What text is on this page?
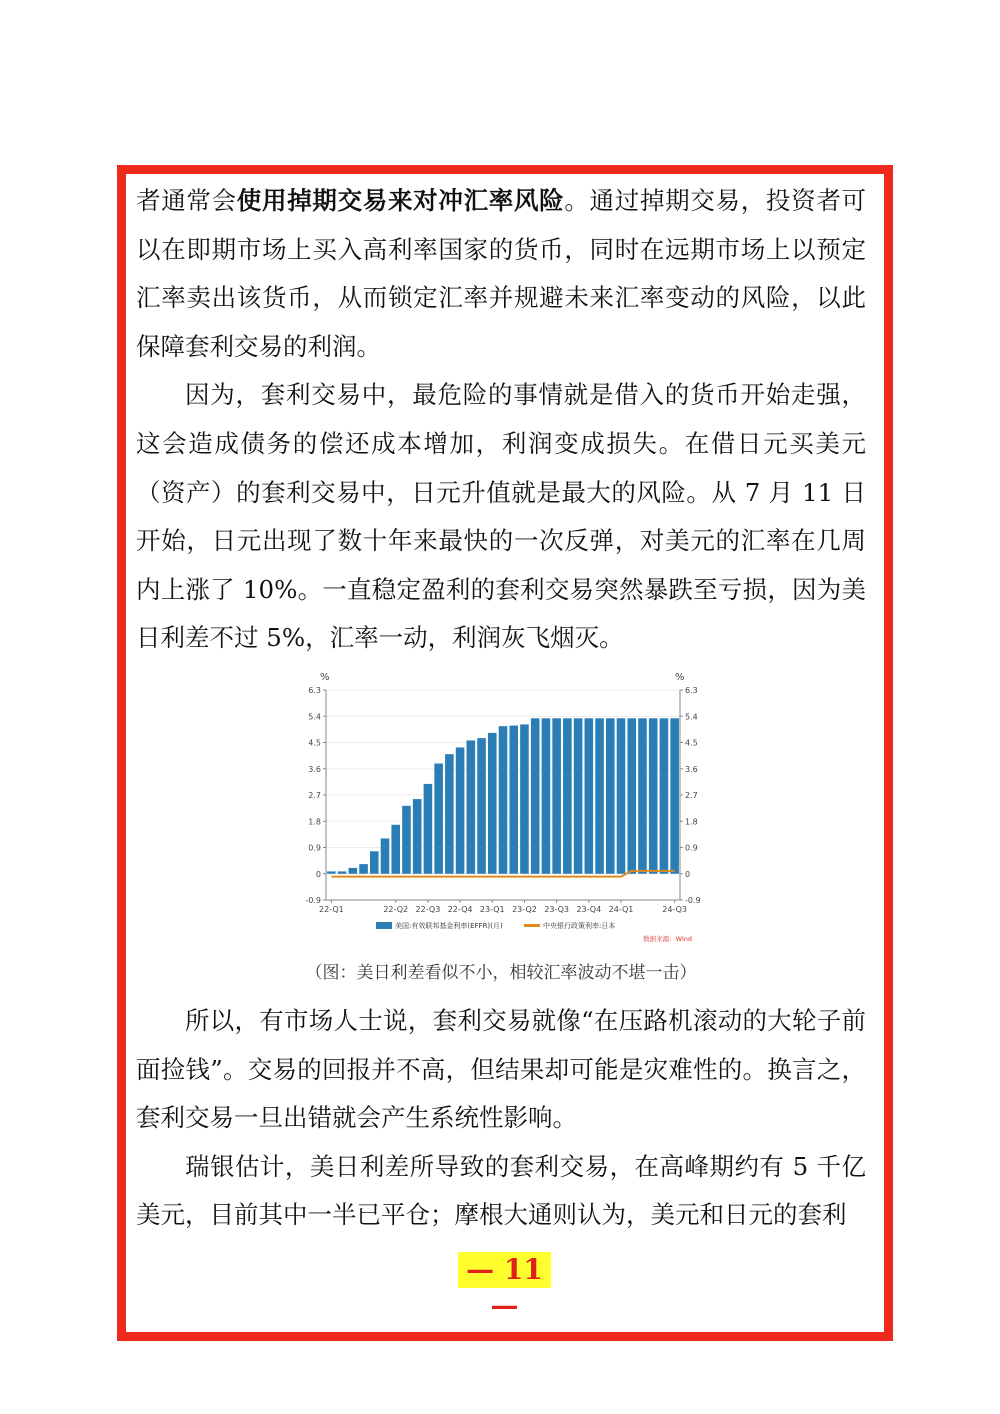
者通常会使用掉期交易来对冲汇率风险。通过掉期交易，投资者可以在即期市场上买入高利率国家的货币，同时在远期市场上以预定汇率卖出该货币，从而锁定汇率并规避未来汇率变动的风险，以此保障套利交易的利润。

因为，套利交易中，最危险的事情就是借入的货币开始走强，这会造成债务的偿还成本增加，利润变成损失。在借日元买美元（资产）的套利交易中，日元升值就是最大的风险。从 7 月 11 日开始，日元出现了数十年来最快的一次反弹，对美元的汇率在几周内上涨了 10%。一直稳定盈利的套利交易突然暴跌至亏损，因为美日利差不过 5%，汇率一动，利润灰飞烟灭。

6.3	6.3
5.4	5.4
4.5	4.5
3.6	3.6
2.7	2.7
1.8	1.8
0.9	0.9
0	0
-0.9	-0.9
%	%
22-Q1	22-Q2 22-Q3 22-Q4 23-Q1 23-Q2 23-Q3 23-Q4 24-Q1	24-Q3
美国:有效联邦基金利率(EFFR)(月)	中央银行政策利率:日本
数据来源：Wind
（图：美日利差看似不小，相较汇率波动不堪一击）

所以，有市场人士说，套利交易就像“在压路机滚动的大轮子前面捡钱”。交易的回报并不高，但结果却可能是灾难性的。换言之，套利交易一旦出错就会产生系统性影响。

瑞银估计，美日利差所导致的套利交易，在高峰期约有 5 千亿美元，目前其中一半已平仓；摩根大通则认为，美元和日元的套利

— 11 —
